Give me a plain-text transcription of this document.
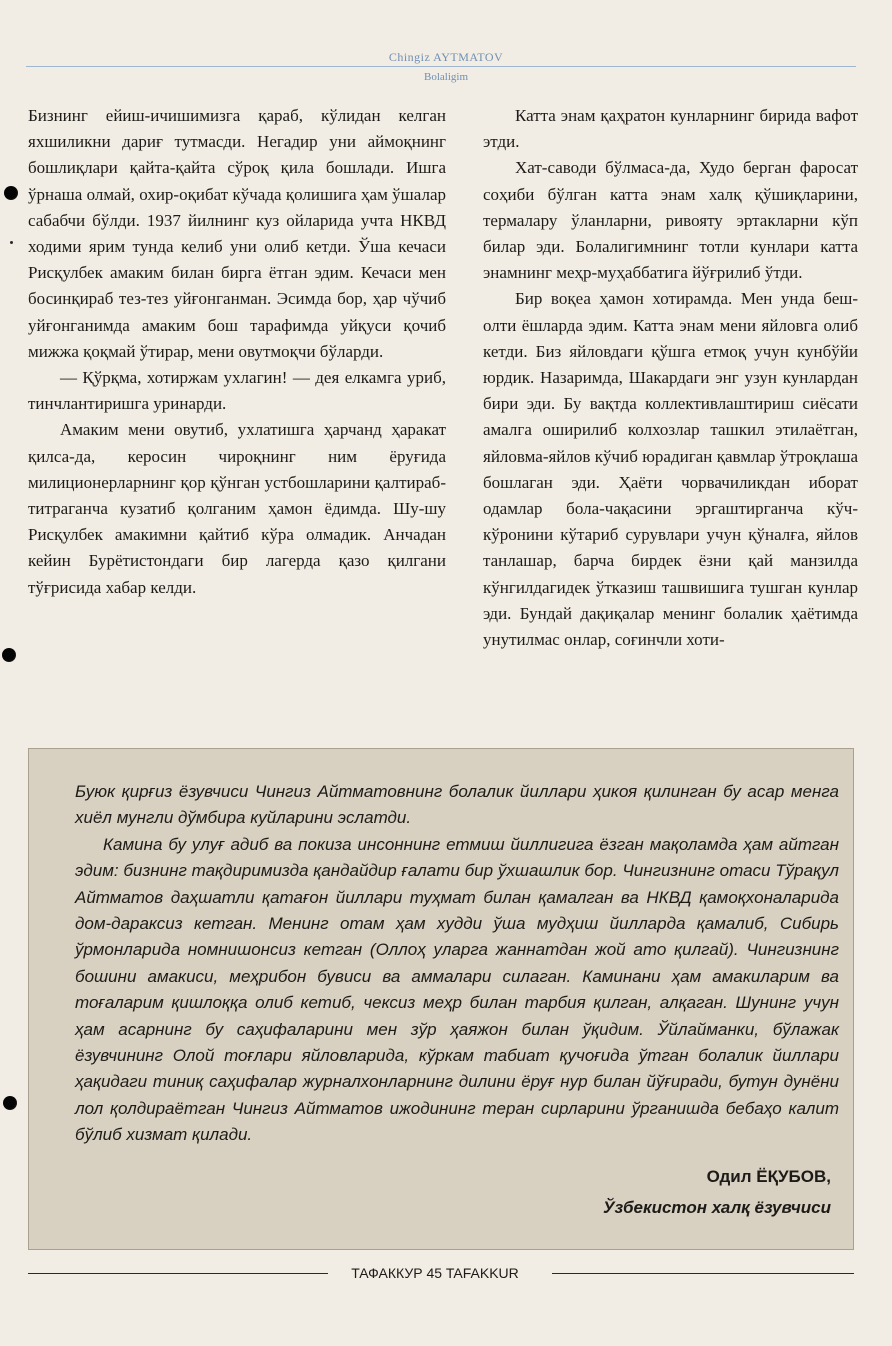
Chingiz AYTMATOV
Bolaligim

Бизнинг ейиш-ичишимизга қараб, кўлидан келган яхшиликни дариғ тутмасди. Негадир уни аймоқнинг бошлиқлари қайта-қайта сўроқ қила бошлади. Ишга ўрнаша олмай, охир-оқибат кўчада қолишига ҳам ўшалар сабабчи бўлди. 1937 йилнинг куз ойларида учта НКВД ходими ярим тунда келиб уни олиб кетди. Ўша кечаси Рисқулбек амаким билан бирга ётган эдим. Кечаси мен босинқираб тез-тез уйғонганман. Эсимда бор, ҳар чўчиб уйғонганимда амаким бош тарафимда уйқуси қочиб мижжа қоқмай ўтирар, мени овутмоқчи бўларди.

— Қўрқма, хотиржам ухлагин! — дея елкамга уриб, тинчлантиришга уринарди.

Амаким мени овутиб, ухлатишга ҳарчанд ҳаракат қилса-да, керосин чироқнинг ним ёруғида милиционерларнинг қор қўнган устбошларини қалтираб-титраганча кузатиб қолганим ҳамон ёдимда. Шу-шу Рисқулбек амакимни қайтиб кўра олмадик. Анчадан кейин Бурётистондаги бир лагерда қазо қилгани тўғрисида хабар келди.

Катта энам қаҳратон кунларнинг бирида вафот этди.

Хат-саводи бўлмаса-да, Худо берган фаросат соҳиби бўлган катта энам халқ қўшиқларини, термалару ўланларни, ривояту эртакларни кўп билар эди. Болалигимнинг тотли кунлари катта энамнинг меҳр-муҳаббатига йўғрилиб ўтди.

Бир воқеа ҳамон хотирамда. Мен унда беш-олти ёшларда эдим. Катта энам мени яйловга олиб кетди. Биз яйловдаги қўшга етмоқ учун кунбўйи юрдик. Назаримда, Шакардаги энг узун кунлардан бири эди. Бу вақтда коллективлаштириш сиёсати амалга оширилиб колхозлар ташкил этилаётган, яйловма-яйлов кўчиб юрадиган қавмлар ўтроқлаша бошлаган эди. Ҳаёти чорвачиликдан иборат одамлар бола-чақасини эргаштирганча кўч-кўронини кўтариб сурувлари учун қўналға, яйлов танлашар, барча бирдек ёзни қай манзилда кўнгилдагидек ўтказиш ташвишига тушган кунлар эди. Бундай дақиқалар менинг болалик ҳаётимда унутилмас онлар, соғинчли хоти-

Буюк қирғиз ёзувчиси Чингиз Айтматовнинг болалик йиллари ҳикоя қилинган бу асар менга хиёл мунгли дўмбира куйларини эслатди.

Камина бу улуғ адиб ва покиза инсоннинг етмиш йиллигига ёзган мақоламда ҳам айтган эдим: бизнинг тақдиримизда қандайдир ғалати бир ўхшашлик бор. Чингизнинг отаси Тўрақул Айтматов даҳшатли қатағон йиллари туҳмат билан қамалган ва НКВД қамоқхоналарида дом-дараксиз кетган. Менинг отам ҳам худди ўша мудҳиш йилларда қамалиб, Сибирь ўрмонларида номнишонсиз кетган (Оллоҳ уларга жаннатдан жой ато қилгай). Чингизнинг бошини амакиси, меҳрибон бувиси ва аммалари силаган. Каминани ҳам амакиларим ва тоғаларим қишлоққа олиб кетиб, чексиз меҳр билан тарбия қилган, алқаган. Шунинг учун ҳам асарнинг бу саҳифаларини мен зўр ҳаяжон билан ўқидим. Ўйлайманки, бўлажак ёзувчининг Олой тоғлари яйловларида, кўркам табиат қучоғида ўтган болалик йиллари ҳақидаги тиниқ саҳифалар журналхонларнинг дилини ёруғ нур билан йўғиради, бутун дунёни лол қолдираётган Чингиз Айтматов ижодининг теран сирларини ўрганишда бебаҳо калит бўлиб хизмат қилади.

Одил ЁҚУБОВ,
Ўзбекистон халқ ёзувчиси
ТАФАККУР 45 TAFAKKUR
